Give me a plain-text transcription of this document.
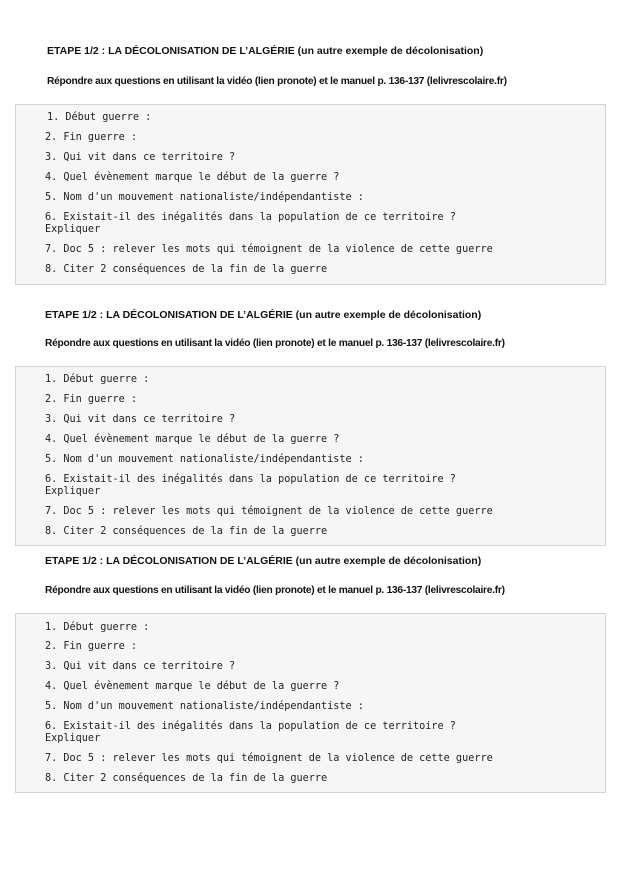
ETAPE 1/2 : LA DÉCOLONISATION DE L’ALGÉRIE (un autre exemple de décolonisation)
Répondre aux questions en utilisant la vidéo (lien pronote) et le manuel p. 136-137 (lelivrescolaire.fr)
1. Début guerre :
2. Fin guerre :
3. Qui vit dans ce territoire ?
4. Quel évènement marque le début de la guerre ?
5. Nom d'un mouvement nationaliste/indépendantiste :
6. Existait-il des inégalités dans la population de ce territoire ?
Expliquer
7. Doc 5 : relever les mots qui témoignent de la violence de cette guerre
8. Citer 2 conséquences de la fin de la guerre
ETAPE 1/2 : LA DÉCOLONISATION DE L’ALGÉRIE (un autre exemple de décolonisation)
Répondre aux questions en utilisant la vidéo (lien pronote) et le manuel p. 136-137 (lelivrescolaire.fr)
1. Début guerre :
2. Fin guerre :
3. Qui vit dans ce territoire ?
4. Quel évènement marque le début de la guerre ?
5. Nom d'un mouvement nationaliste/indépendantiste :
6. Existait-il des inégalités dans la population de ce territoire ?
Expliquer
7. Doc 5 : relever les mots qui témoignent de la violence de cette guerre
8. Citer 2 conséquences de la fin de la guerre
ETAPE 1/2 : LA DÉCOLONISATION DE L’ALGÉRIE (un autre exemple de décolonisation)
Répondre aux questions en utilisant la vidéo (lien pronote) et le manuel p. 136-137 (lelivrescolaire.fr)
1. Début guerre :
2. Fin guerre :
3. Qui vit dans ce territoire ?
4. Quel évènement marque le début de la guerre ?
5. Nom d'un mouvement nationaliste/indépendantiste :
6. Existait-il des inégalités dans la population de ce territoire ?
Expliquer
7. Doc 5 : relever les mots qui témoignent de la violence de cette guerre
8. Citer 2 conséquences de la fin de la guerre
